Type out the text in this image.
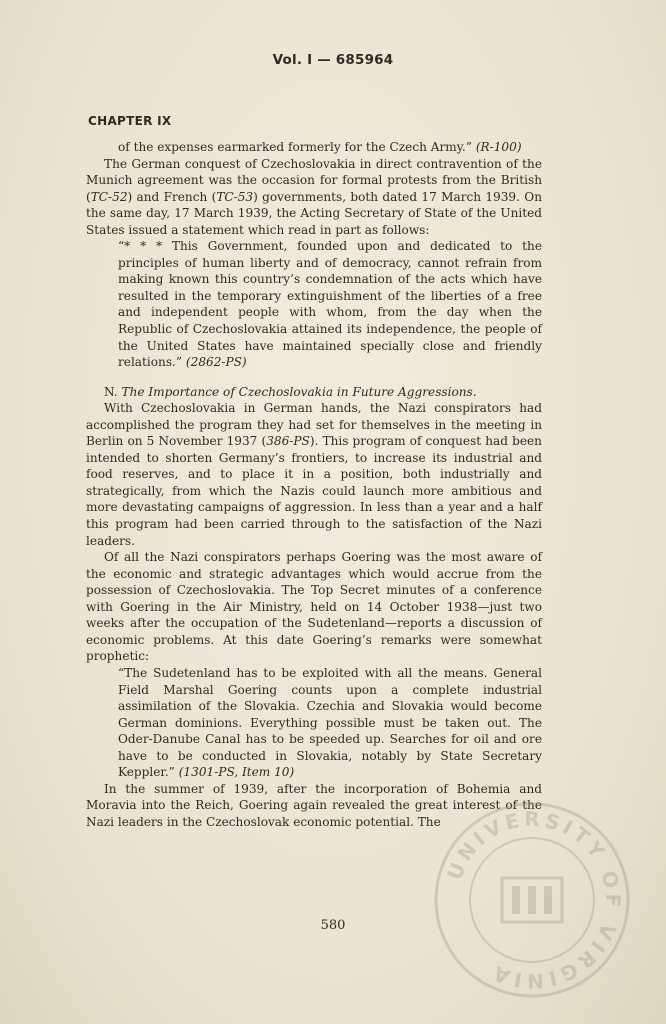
Vol. I — 685964
CHAPTER IX

of the expenses earmarked formerly for the Czech Army.” (R-100)

The German conquest of Czechoslovakia in direct contravention of the Munich agreement was the occasion for formal protests from the British (TC-52) and French (TC-53) governments, both dated 17 March 1939. On the same day, 17 March 1939, the Acting Secretary of State of the United States issued a statement which read in part as follows:

“* * * This Government, founded upon and dedicated to the principles of human liberty and of democracy, cannot refrain from making known this country’s condemnation of the acts which have resulted in the temporary extinguishment of the liberties of a free and independent people with whom, from the day when the Republic of Czechoslovakia attained its independence, the people of the United States have maintained specially close and friendly relations.” (2862-PS)

N. The Importance of Czechoslovakia in Future Aggressions.

With Czechoslovakia in German hands, the Nazi conspirators had accomplished the program they had set for themselves in the meeting in Berlin on 5 November 1937 (386-PS). This program of conquest had been intended to shorten Germany’s frontiers, to increase its industrial and food reserves, and to place it in a position, both industrially and strategically, from which the Nazis could launch more ambitious and more devastating campaigns of aggression. In less than a year and a half this program had been carried through to the satisfaction of the Nazi leaders.

Of all the Nazi conspirators perhaps Goering was the most aware of the economic and strategic advantages which would accrue from the possession of Czechoslovakia. The Top Secret minutes of a conference with Goering in the Air Ministry, held on 14 October 1938—just two weeks after the occupation of the Sudetenland—reports a discussion of economic problems. At this date Goering’s remarks were somewhat prophetic:

“The Sudetenland has to be exploited with all the means. General Field Marshal Goering counts upon a complete industrial assimilation of the Slovakia. Czechia and Slovakia would become German dominions. Everything possible must be taken out. The Oder-Danube Canal has to be speeded up. Searches for oil and ore have to be conducted in Slovakia, notably by State Secretary Keppler.” (1301-PS, Item 10)

In the summer of 1939, after the incorporation of Bohemia and Moravia into the Reich, Goering again revealed the great interest of the Nazi leaders in the Czechoslovak economic potential. The

580
UNIVERSITY OF VIRGINIA
